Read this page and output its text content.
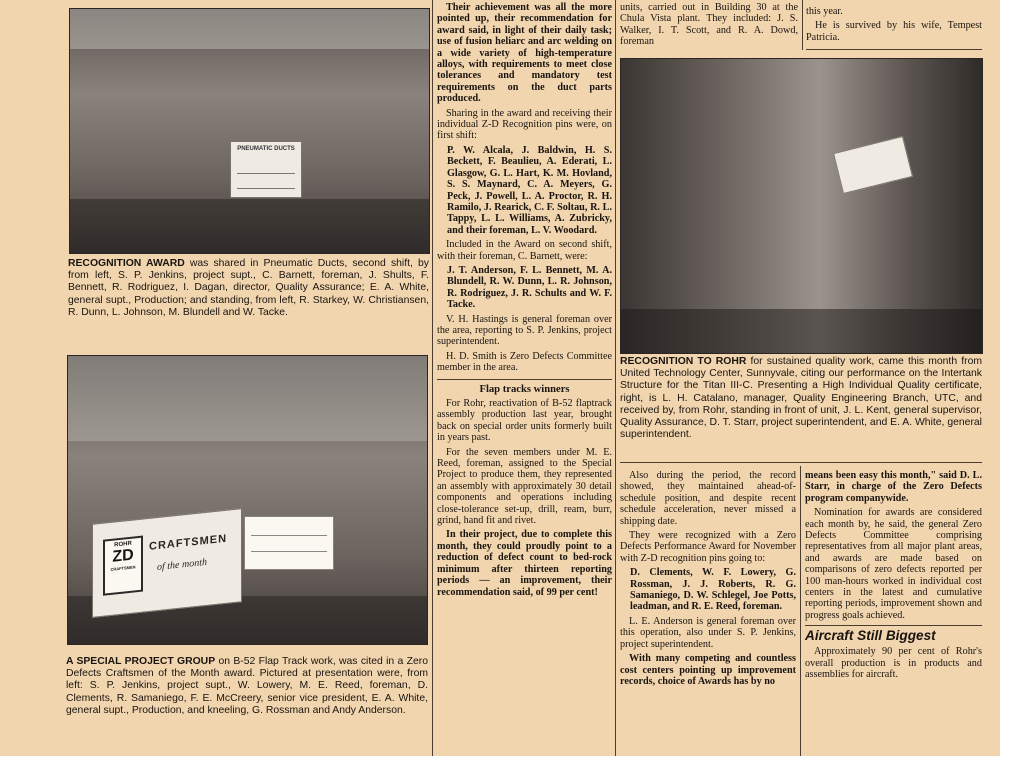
PNEUMATIC DUCTS
RECOGNITION AWARD was shared in Pneumatic Ducts, second shift, by from left, S. P. Jenkins, project supt., C. Barnett, foreman, J. Shults, F. Bennett, R. Rodriguez, I. Dagan, director, Quality Assurance; E. A. White, general supt., Production; and standing, from left, R. Starkey, W. Christiansen, R. Dunn, L. Johnson, M. Blundell and W. Tacke.
ROHR
ZD
CRAFTSMEN
CRAFTSMEN
of the month
A SPECIAL PROJECT GROUP on B-52 Flap Track work, was cited in a Zero Defects Craftsmen of the Month award. Pictured at presentation were, from left: S. P. Jenkins, project supt., W. Lowery, M. E. Reed, foreman, D. Clements, R. Samaniego, F. E. McCreery, senior vice president, E. A. White, general supt., Production, and kneeling, G. Rossman and Andy Anderson.

Their achievement was all the more pointed up, their recommendation for award said, in light of their daily task; use of fusion heliarc and arc welding on a wide variety of high-temperature alloys, with requirements to meet close tolerances and mandatory test requirements on the duct parts produced.

Sharing in the award and receiving their individual Z-D Recognition pins were, on first shift:

P. W. Alcala, J. Baldwin, H. S. Beckett, F. Beaulieu, A. Ederati, L. Glasgow, G. L. Hart, K. M. Hovland, S. S. Maynard, C. A. Meyers, G. Peck, J. Powell, L. A. Proctor, R. H. Ramilo, J. Rearick, C. F. Soltau, R. L. Tappy, L. L. Williams, A. Zubricky, and their foreman, L. V. Woodard.

Included in the Award on second shift, with their foreman, C. Barnett, were:

J. T. Anderson, F. L. Bennett, M. A. Blundell, R. W. Dunn, L. R. Johnson, R. Rodriguez, J. R. Schults and W. F. Tacke.

V. H. Hastings is general foreman over the area, reporting to S. P. Jenkins, project superintendent.

H. D. Smith is Zero Defects Committee member in the area.

Flap tracks winners

For Rohr, reactivation of B-52 flaptrack assembly production last year, brought back on special order units formerly built in years past.

For the seven members under M. E. Reed, foreman, assigned to the Special Project to produce them, they represented an assembly with approximately 30 detail components and operations including close-tolerance set-up, drill, ream, burr, grind, hand fit and rivet.

In their project, due to complete this month, they could proudly point to a reduction of defect count to bed-rock minimum after thirteen reporting periods — an improvement, their recommendation said, of 99 per cent!

units, carried out in Building 30 at the Chula Vista plant. They included: J. S. Walker, I. T. Scott, and R. A. Dowd, foreman

this year.

He is survived by his wife, Tempest Patricia.

RECOGNITION TO ROHR for sustained quality work, came this month from United Technology Center, Sunnyvale, citing our performance on the Intertank Structure for the Titan III-C. Presenting a High Individual Quality certificate, right, is L. H. Catalano, manager, Quality Engineering Branch, UTC, and received by, from Rohr, standing in front of unit, J. L. Kent, general supervisor, Quality Assurance, D. T. Starr, project superintendent, and E. A. White, general superintendent.

Also during the period, the record showed, they maintained ahead-of-schedule position, and despite recent schedule acceleration, never missed a shipping date.

They were recognized with a Zero Defects Performance Award for November with Z-D recognition pins going to:

D. Clements, W. F. Lowery, G. Rossman, J. J. Roberts, R. G. Samaniego, D. W. Schlegel, Joe Potts, leadman, and R. E. Reed, foreman.

L. E. Anderson is general foreman over this operation, also under S. P. Jenkins, project superintendent.

With many competing and countless cost centers pointing up improvement records, choice of Awards has by no

means been easy this month," said D. L. Starr, in charge of the Zero Defects program companywide.

Nomination for awards are considered each month by, he said, the general Zero Defects Committee comprising representatives from all major plant areas, and awards are made based on comparisons of zero defects reported per 100 man-hours worked in individual cost centers in the latest and cumulative reporting periods, improvement shown and progress goals achieved.

Aircraft Still Biggest

Approximately 90 per cent of Rohr's overall production is in products and assemblies for aircraft.
